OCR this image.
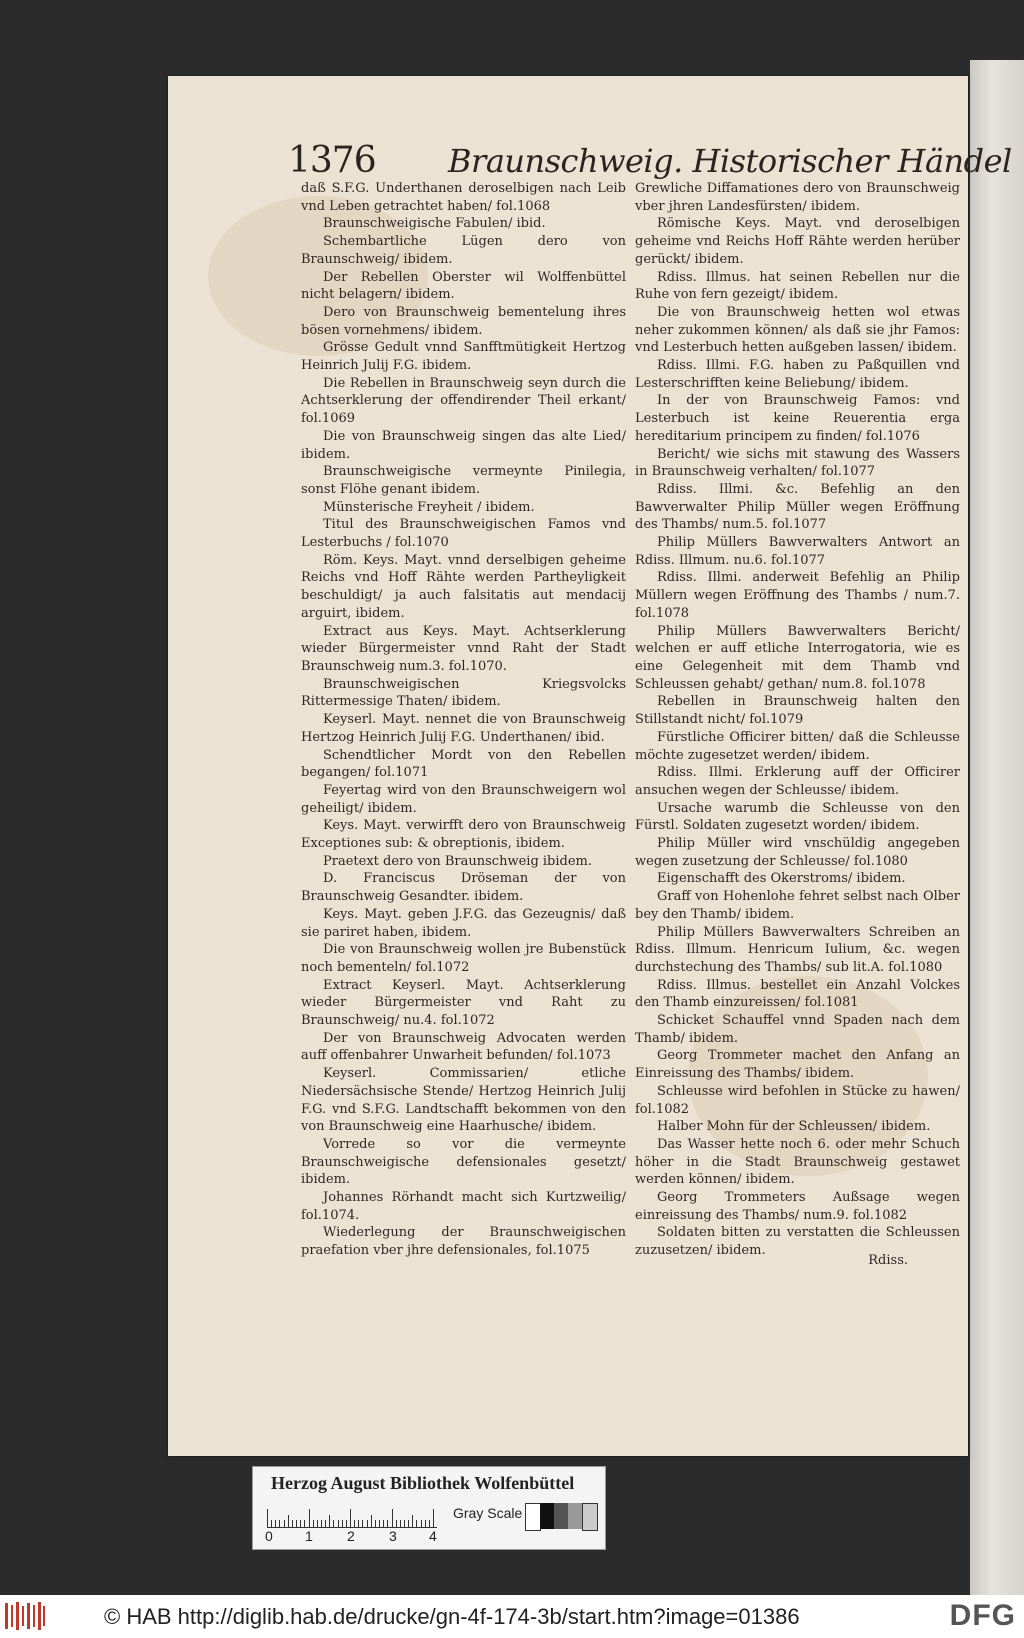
1376 Braunschweig. Historischer Händel

daß S.F.G. Underthanen deroselbigen nach Leib vnd Leben getrachtet haben/ fol.1068

Braunschweigische Fabulen/ ibid.

Schembartliche Lügen dero von Braunschweig/ ibidem.

Der Rebellen Oberster wil Wolffenbüttel nicht belagern/ ibidem.

Dero von Braunschweig bementelung ihres bösen vornehmens/ ibidem.

Grösse Gedult vnnd Sanfftmütigkeit Hertzog Heinrich Julij F.G. ibidem.

Die Rebellen in Braunschweig seyn durch die Achtserklerung der offendirender Theil erkant/ fol.1069

Die von Braunschweig singen das alte Lied/ ibidem.

Braunschweigische vermeynte Pinilegia, sonst Flöhe genant ibidem.

Münsterische Freyheit / ibidem.

Titul des Braunschweigischen Famos vnd Lesterbuchs / fol.1070

Röm. Keys. Mayt. vnnd derselbigen geheime Reichs vnd Hoff Rähte werden Partheyligkeit beschuldigt/ ja auch falsitatis aut mendacij arguirt, ibidem.

Extract aus Keys. Mayt. Achtserklerung wieder Bürgermeister vnnd Raht der Stadt Braunschweig num.3. fol.1070.

Braunschweigischen Kriegsvolcks Rittermessige Thaten/ ibidem.

Keyserl. Mayt. nennet die von Braunschweig Hertzog Heinrich Julij F.G. Underthanen/ ibid.

Schendtlicher Mordt von den Rebellen begangen/ fol.1071

Feyertag wird von den Braunschweigern wol geheiligt/ ibidem.

Keys. Mayt. verwirfft dero von Braunschweig Exceptiones sub: & obreptionis, ibidem.

Praetext dero von Braunschweig ibidem.

D. Franciscus Dröseman der von Braunschweig Gesandter. ibidem.

Keys. Mayt. geben J.F.G. das Gezeugnis/ daß sie pariret haben, ibidem.

Die von Braunschweig wollen jre Bubenstück noch bementeln/ fol.1072

Extract Keyserl. Mayt. Achtserklerung wieder Bürgermeister vnd Raht zu Braunschweig/ nu.4. fol.1072

Der von Braunschweig Advocaten werden auff offenbahrer Unwarheit befunden/ fol.1073

Keyserl. Commissarien/ etliche Niedersächsische Stende/ Hertzog Heinrich Julij F.G. vnd S.F.G. Landtschafft bekommen von den von Braunschweig eine Haarhusche/ ibidem.

Vorrede so vor die vermeynte Braunschweigische defensionales gesetzt/ ibidem.

Johannes Rörhandt macht sich Kurtzweilig/ fol.1074.

Wiederlegung der Braunschweigischen praefation vber jhre defensionales, fol.1075

Grewliche Diffamationes dero von Braunschweig vber jhren Landesfürsten/ ibidem.

Römische Keys. Mayt. vnd deroselbigen geheime vnd Reichs Hoff Rähte werden herüber gerückt/ ibidem.

Rdiss. Illmus. hat seinen Rebellen nur die Ruhe von fern gezeigt/ ibidem.

Die von Braunschweig hetten wol etwas neher zukommen können/ als daß sie jhr Famos: vnd Lesterbuch hetten außgeben lassen/ ibidem.

Rdiss. Illmi. F.G. haben zu Paßquillen vnd Lesterschrifften keine Beliebung/ ibidem.

In der von Braunschweig Famos: vnd Lesterbuch ist keine Reuerentia erga hereditarium principem zu finden/ fol.1076

Bericht/ wie sichs mit stawung des Wassers in Braunschweig verhalten/ fol.1077

Rdiss. Illmi. &c. Befehlig an den Bawverwalter Philip Müller wegen Eröffnung des Thambs/ num.5. fol.1077

Philip Müllers Bawverwalters Antwort an Rdiss. Illmum. nu.6. fol.1077

Rdiss. Illmi. anderweit Befehlig an Philip Müllern wegen Eröffnung des Thambs / num.7. fol.1078

Philip Müllers Bawverwalters Bericht/ welchen er auff etliche Interrogatoria, wie es eine Gelegenheit mit dem Thamb vnd Schleussen gehabt/ gethan/ num.8. fol.1078

Rebellen in Braunschweig halten den Stillstandt nicht/ fol.1079

Fürstliche Officirer bitten/ daß die Schleusse möchte zugesetzet werden/ ibidem.

Rdiss. Illmi. Erklerung auff der Officirer ansuchen wegen der Schleusse/ ibidem.

Ursache warumb die Schleusse von den Fürstl. Soldaten zugesetzt worden/ ibidem.

Philip Müller wird vnschüldig angegeben wegen zusetzung der Schleusse/ fol.1080

Eigenschafft des Okerstroms/ ibidem.

Graff von Hohenlohe fehret selbst nach Olber bey den Thamb/ ibidem.

Philip Müllers Bawverwalters Schreiben an Rdiss. Illmum. Henricum Iulium, &c. wegen durchstechung des Thambs/ sub lit.A. fol.1080

Rdiss. Illmus. bestellet ein Anzahl Volckes den Thamb einzureissen/ fol.1081

Schicket Schauffel vnnd Spaden nach dem Thamb/ ibidem.

Georg Trommeter machet den Anfang an Einreissung des Thambs/ ibidem.

Schleusse wird befohlen in Stücke zu hawen/ fol.1082

Halber Mohn für der Schleussen/ ibidem.

Das Wasser hette noch 6. oder mehr Schuch höher in die Stadt Braunschweig gestawet werden können/ ibidem.

Georg Trommeters Außsage wegen einreissung des Thambs/ num.9. fol.1082

Soldaten bitten zu verstatten die Schleussen zuzusetzen/ ibidem.

Rdiss.
Herzog August Bibliothek Wolfenbüttel
0 1 2 3 4
Gray Scale
© HAB http://diglib.hab.de/drucke/gn-4f-174-3b/start.htm?image=01386	DFG
